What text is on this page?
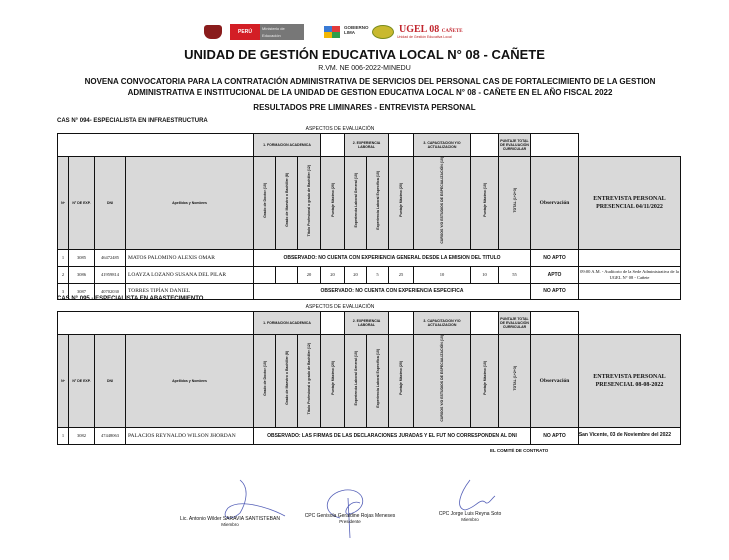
PERÚ
Ministerio de Educación
GOBIERNO LIMA	UGEL 08 CAÑETE
Unidad de Gestión Educativa Local
UNIDAD DE GESTIÓN EDUCATIVA LOCAL N° 08 - CAÑETE
R.VM. NE 006-2022-MINEDU
NOVENA CONVOCATORIA PARA LA CONTRATACIÓN ADMINISTRATIVA DE SERVICIOS DEL PERSONAL CAS DE FORTALECIMIENTO DE LA GESTION
ADMINISTRATIVA E INSTITUCIONAL DE LA UNIDAD DE GESTION EDUCATIVA LOCAL N° 08 - CAÑETE EN EL AÑO FISCAL 2022
RESULTADOS PRE LIMINARES - ENTREVISTA PERSONAL
CAS N° 094- ESPECIALISTA EN INFRAESTRUCTURA
ASPECTOS DE EVALUACIÓN
				1. FORMACION ACADEMICA				2. EXPERIENCIA LABORAL			3. CAPACITACION Y/O ACTUALIZACION		PUNTAJE TOTAL DE EVALUACIÓN CURRICULAR		
Nº	N° DE EXP.	DNI	Apellidos y Nombres	Grado de Doctor (10)	Grado de Maestro o Bachiller (8)	Título Profesional o grado de Bachiller (12)	Puntaje Máximo (20)	Experiencia Laboral General (10)	Experiencia Laboral Específica (10)	Puntaje Máximo (20)	CURSOS Y/O ESTUDIOS DE ESPECIALIZACIÓN (10)	Puntaje Máximo (10)	TOTAL (1+2+3)	Observación	ENTREVISTA PERSONAL PRESENCIAL 04/11/2022
1	3085	46472485	MATOS PALOMINO ALEXIS OMAR	OBSERVADO: NO CUENTA CON EXPERIENCIA GENERAL DESDE LA EMISION DEL TITULO										NO APTO	
2	3086	41959814	LOAYZA LOZANO SUSANA DEL PILAR			20	20	20	5	25	10	10	55	APTO	09:00 A.M. - Auditorio de la Sede Administrativa de la UGEL N° 08 - Cañete
3	3087	40702030	TORRES TIPÍAN DANIEL	OBSERVADO: NO CUENTA CON EXPERIENCIA ESPECIFICA										NO APTO	
CAS N° 095 - ESPECIALISTA EN ABASTECIMIENTO
ASPECTOS DE EVALUACIÓN
				1. FORMACION ACADEMICA				2. EXPERIENCIA LABORAL			3. CAPACITACION Y/O ACTUALIZACION		PUNTAJE TOTAL DE EVALUACIÓN CURRICULAR		
Nº	N° DE EXP.	DNI	Apellidos y Nombres	Grado de Doctor (10)	Grado de Maestro o Bachiller (8)	Título Profesional o grado de Bachiller (12)	Puntaje Máximo (20)	Experiencia Laboral General (10)	Experiencia Laboral Específica (10)	Puntaje Máximo (20)	CURSOS Y/O ESTUDIOS DE ESPECIALIZACIÓN (10)	Puntaje Máximo (10)	TOTAL (1+2+3)	Observación	ENTREVISTA PERSONAL PRESENCIAL 08-08-2022
1	3082	47448063	PALACIOS REYNALDO WILSON JHORDAN	OBSERVADO: LAS FIRMAS DE LAS DECLARACIONES JURADAS Y EL FUT NO CORRESPONDEN AL DNI										NO APTO		San Vicente, 03 de Noviembre del 2022
EL COMITÉ DE CONTRATO
Lic. Antonio Wilder SARAVIA SANTISTEBAN
Miembro
CPC Genisola Geraldine Rojas Meneses
Presidente
CPC Jorge Luis Reyna Soto
Miembro
